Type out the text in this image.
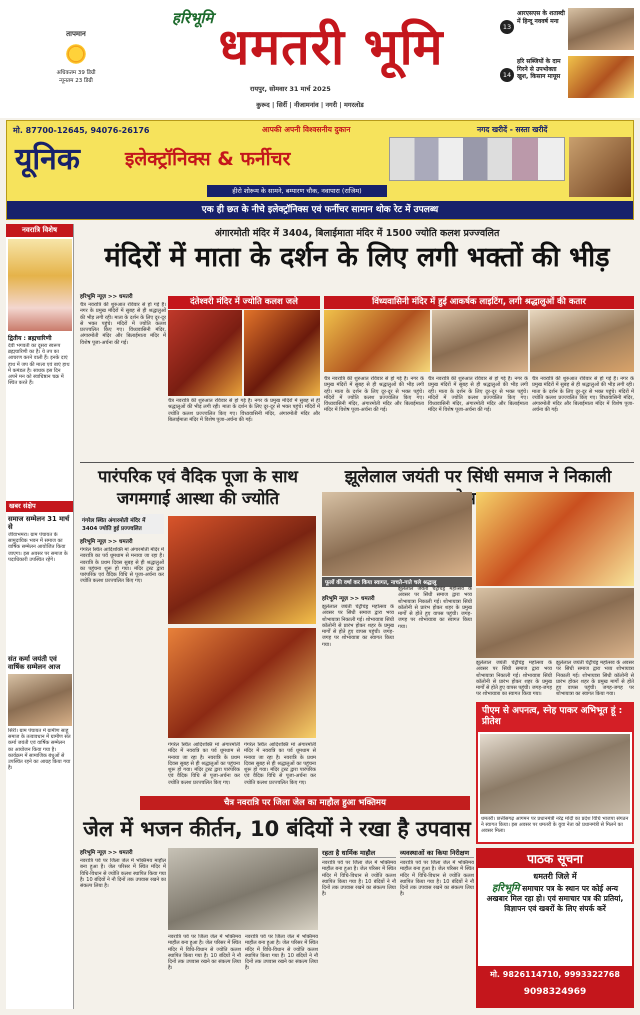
तापमान
अधिकतम 39 डिग्री
न्यूनतम 23 डिग्री
हरिभूमि धमतरी भूमि
रायपुर, सोमवार 31 मार्च 2025
कुरूद | सिर्री | नीजामनांव | नगरी | मगरलोड
13
आरएसएस के शताब्दी में हिन्दू नववर्ष मना
14
हरि सब्जियों के दाम गिरने से उपभोक्ता खुश, किसान मायूस
मो. 87700-12645, 94076-26176	आपकी अपनी विश्वसनीय दुकान	नगद खरीदें - सस्ता खरीदें
यूनिक इलेक्ट्रॉनिक्स & फर्नीचर
हीरो शोरूम के सामने, बम्पारण चौक, नवापारा (राजिम)
एक ही छत के नीचे इलेक्ट्रॉनिक्स एवं फर्नीचर सामान थोक रेट में उपलब्ध
नवरात्रि विशेष
द्वितीय : ब्रह्मचारिणी
देवी भगवती का दूसरा स्वरूप ब्रह्मचारिणी का है। ये तप का आचरण करने वाली हैं। इनके दाएं हाथ में जप की माला एवं बाएं हाथ में कमंडल है। साधक इस दिन अपने मन को स्वाधिष्ठान चक्र में स्थित करते हैं।
खबर संक्षेप
समाज सम्मेलन 31 मार्च से
जीवाभमरा। ग्राम पंचायत के सामुदायिक भवन में समाज का वार्षिक सम्मेलन आयोजित किया जाएगा। इस अवसर पर समाज के पदाधिकारी उपस्थित रहेंगे।
संत कर्मा जयंती एवं वार्षिक सम्मेलन आज
सिर्री। ग्राम पंचायत में ग्रामीण साहू समाज के तत्वावधान में ग्रामीण संत कर्मा जयंती एवं वार्षिक सम्मेलन का आयोजन किया गया है। कार्यक्रम में सामाजिक बंधुओं से उपस्थित रहने का आग्रह किया गया है।
अंगारमोती मंदिर में 3404, बिलाईमाता मंदिर में 1500 ज्योति कलश प्रज्ज्वलित
मंदिरों में माता के दर्शन के लिए लगी भक्तों की भीड़
हरिभूमि न्यूज़ >> धमतरी
चैत्र नवरात्रि की शुरुआत रविवार से हो गई है। नगर के प्रमुख मंदिरों में सुबह से ही श्रद्धालुओं की भीड़ लगी रही। माता के दर्शन के लिए दूर-दूर से भक्त पहुंचे। मंदिरों में ज्योति कलश प्रज्ज्वलित किए गए। विंध्यवासिनी मंदिर, अंगारमोती मंदिर और बिलाईमाता मंदिर में विशेष पूजा-अर्चना की गई।
दंतेश्वरी मंदिर में ज्योति कलश जले
चैत्र नवरात्रि की शुरुआत रविवार से हो गई है। नगर के प्रमुख मंदिरों में सुबह से ही श्रद्धालुओं की भीड़ लगी रही। माता के दर्शन के लिए दूर-दूर से भक्त पहुंचे। मंदिरों में ज्योति कलश प्रज्ज्वलित किए गए। विंध्यवासिनी मंदिर, अंगारमोती मंदिर और बिलाईमाता मंदिर में विशेष पूजा-अर्चना की गई।
विंध्यवासिनी मंदिर में हुई आकर्षक लाइटिंग, लगी श्रद्धालुओं की कतार
चैत्र नवरात्रि की शुरुआत रविवार से हो गई है। नगर के प्रमुख मंदिरों में सुबह से ही श्रद्धालुओं की भीड़ लगी रही। माता के दर्शन के लिए दूर-दूर से भक्त पहुंचे। मंदिरों में ज्योति कलश प्रज्ज्वलित किए गए। विंध्यवासिनी मंदिर, अंगारमोती मंदिर और बिलाईमाता मंदिर में विशेष पूजा-अर्चना की गई।
चैत्र नवरात्रि की शुरुआत रविवार से हो गई है। नगर के प्रमुख मंदिरों में सुबह से ही श्रद्धालुओं की भीड़ लगी रही। माता के दर्शन के लिए दूर-दूर से भक्त पहुंचे। मंदिरों में ज्योति कलश प्रज्ज्वलित किए गए। विंध्यवासिनी मंदिर, अंगारमोती मंदिर और बिलाईमाता मंदिर में विशेष पूजा-अर्चना की गई।
चैत्र नवरात्रि की शुरुआत रविवार से हो गई है। नगर के प्रमुख मंदिरों में सुबह से ही श्रद्धालुओं की भीड़ लगी रही। माता के दर्शन के लिए दूर-दूर से भक्त पहुंचे। मंदिरों में ज्योति कलश प्रज्ज्वलित किए गए। विंध्यवासिनी मंदिर, अंगारमोती मंदिर और बिलाईमाता मंदिर में विशेष पूजा-अर्चना की गई।
पारंपरिक एवं वैदिक पूजा के साथ
जगमगाई आस्था की ज्योति
गंगरेल स्थित अंगारमोती मंदिर में 3404 ज्योति हुई प्रज्ज्वलित
हरिभूमि न्यूज़ >> धमतरी
गंगरेल स्थित आदिशक्ति मां अंगारमोती मंदिर में नवरात्रि का पर्व धूमधाम से मनाया जा रहा है। नवरात्रि के प्रथम दिवस सुबह से ही श्रद्धालुओं का पहुंचना शुरू हो गया। मंदिर ट्रस्ट द्वारा पारंपरिक एवं वैदिक विधि से पूजा-अर्चना कर ज्योति कलश प्रज्ज्वलित किए गए।
गंगरेल स्थित आदिशक्ति मां अंगारमोती मंदिर में नवरात्रि का पर्व धूमधाम से मनाया जा रहा है। नवरात्रि के प्रथम दिवस सुबह से ही श्रद्धालुओं का पहुंचना शुरू हो गया। मंदिर ट्रस्ट द्वारा पारंपरिक एवं वैदिक विधि से पूजा-अर्चना कर ज्योति कलश प्रज्ज्वलित किए गए।
गंगरेल स्थित आदिशक्ति मां अंगारमोती मंदिर में नवरात्रि का पर्व धूमधाम से मनाया जा रहा है। नवरात्रि के प्रथम दिवस सुबह से ही श्रद्धालुओं का पहुंचना शुरू हो गया। मंदिर ट्रस्ट द्वारा पारंपरिक एवं वैदिक विधि से पूजा-अर्चना कर ज्योति कलश प्रज्ज्वलित किए गए।
झूलेलाल जयंती पर सिंधी समाज ने निकाली
फूलों की वर्षा कर किया स्वागत, नाचते-गाते चले श्रद्धालु
हरिभूमि न्यूज़ >> धमतरी
झूलेलाल जयंती चेट्रीचंड्र महोत्सव के अवसर पर सिंधी समाज द्वारा भव्य शोभायात्रा निकाली गई। शोभायात्रा सिंधी कॉलोनी से प्रारंभ होकर शहर के प्रमुख मार्गों से होते हुए वापस पहुंची। जगह-जगह पर शोभायात्रा का स्वागत किया गया।
झूलेलाल जयंती चेट्रीचंड्र महोत्सव के अवसर पर सिंधी समाज द्वारा भव्य शोभायात्रा निकाली गई। शोभायात्रा सिंधी कॉलोनी से प्रारंभ होकर शहर के प्रमुख मार्गों से होते हुए वापस पहुंची। जगह-जगह पर शोभायात्रा का स्वागत किया गया।
झूलेलाल जयंती चेट्रीचंड्र महोत्सव के अवसर पर सिंधी समाज द्वारा भव्य शोभायात्रा निकाली गई। शोभायात्रा सिंधी कॉलोनी से प्रारंभ होकर शहर के प्रमुख मार्गों से होते हुए वापस पहुंची। जगह-जगह पर शोभायात्रा का स्वागत किया गया।
झूलेलाल जयंती चेट्रीचंड्र महोत्सव के अवसर पर सिंधी समाज द्वारा भव्य शोभायात्रा निकाली गई। शोभायात्रा सिंधी कॉलोनी से प्रारंभ होकर शहर के प्रमुख मार्गों से होते हुए वापस पहुंची। जगह-जगह पर शोभायात्रा का स्वागत किया गया।
पीएम से अपनत्व, स्नेह पाकर अभिभूत हूं : प्रीतेश
धमतरी। छत्तीसगढ़ आगमन पर प्रधानमंत्री नरेंद्र मोदी का प्रदेश विधि भाजपा संगठन ने स्वागत किया। इस अवसर पर धमतरी के युवा नेता को प्रधानमंत्री से मिलने का अवसर मिला।
चैत्र नवरात्रि पर जिला जेल का माहौल हुआ भक्तिमय
जेल में भजन कीर्तन, 10 बंदियों ने रखा है उपवास
हरिभूमि न्यूज़ >> धमतरी
नवरात्रि पर्व पर जिला जेल में भक्तिमय माहौल बना हुआ है। जेल परिसर में स्थित मंदिर में विधि-विधान से ज्योति कलश स्थापित किया गया है। 10 बंदियों ने नौ दिनों तक उपवास रखने का संकल्प लिया है।
नवरात्रि पर्व पर जिला जेल में भक्तिमय माहौल बना हुआ है। जेल परिसर में स्थित मंदिर में विधि-विधान से ज्योति कलश स्थापित किया गया है। 10 बंदियों ने नौ दिनों तक उपवास रखने का संकल्प लिया है।
नवरात्रि पर्व पर जिला जेल में भक्तिमय माहौल बना हुआ है। जेल परिसर में स्थित मंदिर में विधि-विधान से ज्योति कलश स्थापित किया गया है। 10 बंदियों ने नौ दिनों तक उपवास रखने का संकल्प लिया है।
रहता है धार्मिक माहौल
नवरात्रि पर्व पर जिला जेल में भक्तिमय माहौल बना हुआ है। जेल परिसर में स्थित मंदिर में विधि-विधान से ज्योति कलश स्थापित किया गया है। 10 बंदियों ने नौ दिनों तक उपवास रखने का संकल्प लिया है।
व्यवस्थाओं का किया निरीक्षण
नवरात्रि पर्व पर जिला जेल में भक्तिमय माहौल बना हुआ है। जेल परिसर में स्थित मंदिर में विधि-विधान से ज्योति कलश स्थापित किया गया है। 10 बंदियों ने नौ दिनों तक उपवास रखने का संकल्प लिया है।
पाठक सूचना
धमतरी जिले में
हरिभूमि समाचार पत्र के स्थान पर कोई अन्य अखबार मिल रहा हो। एवं समाचार पत्र की प्रतियां, विज्ञापन एवं खबरों के लिए संपर्क करें
मो. 9826114710, 9993322768
9098324969
